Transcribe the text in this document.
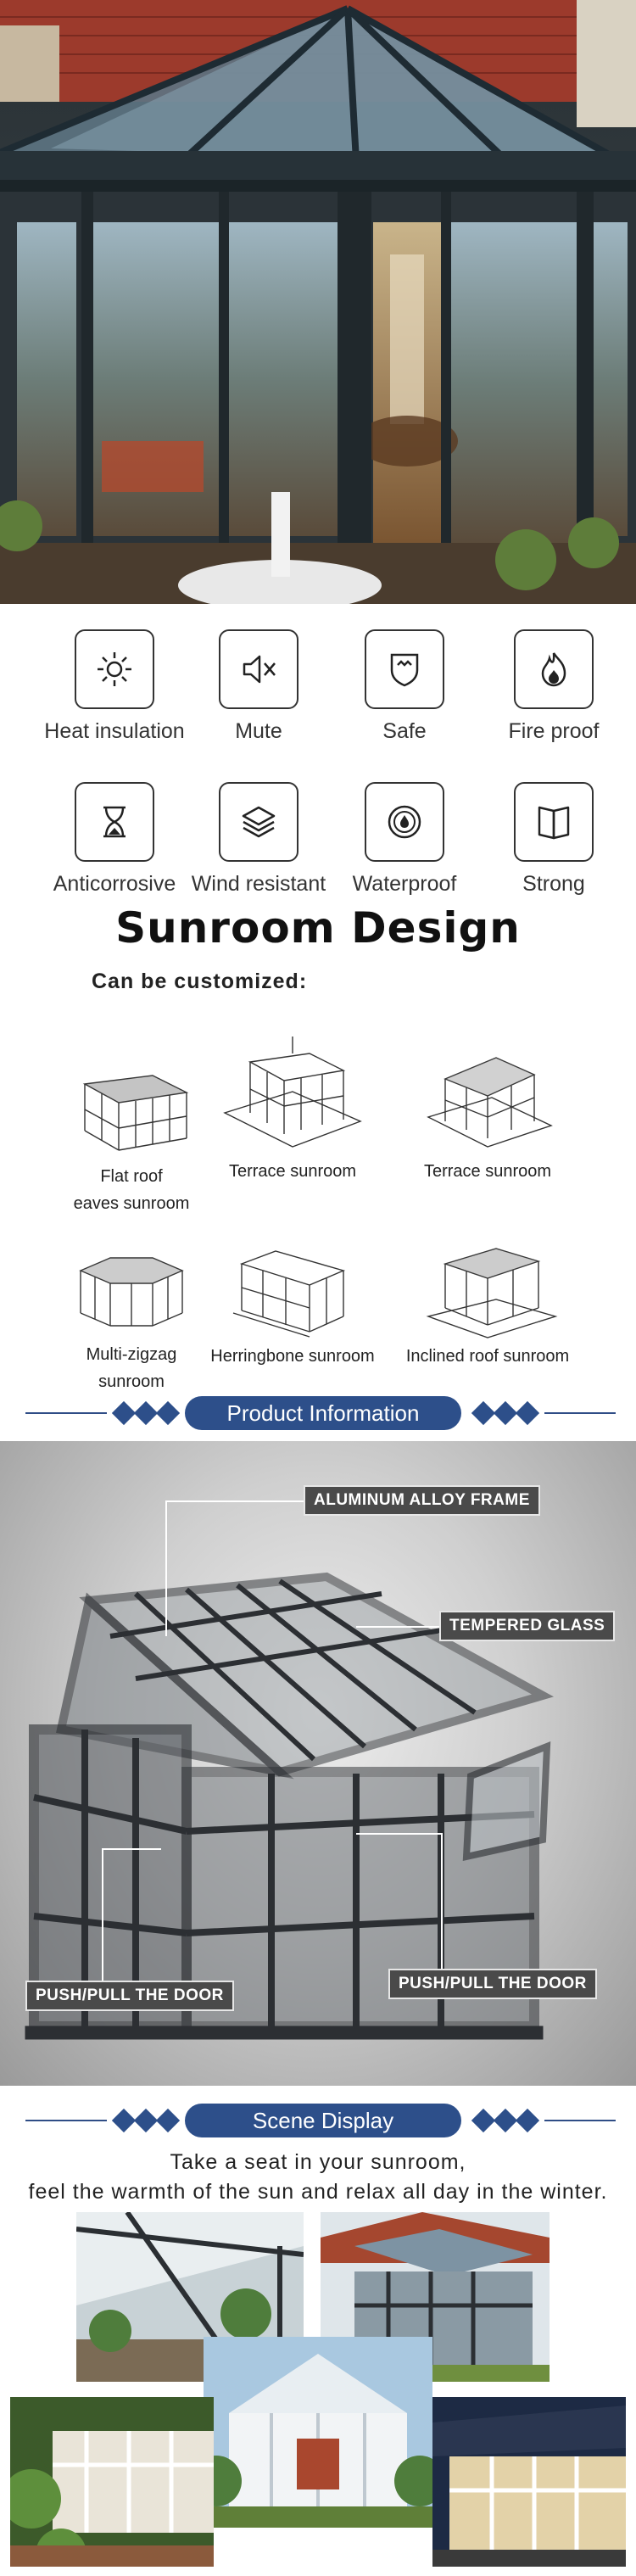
Heat insulation	Mute	Safe	Fire proof
Anticorrosive Wind resistant	Waterproof	Strong
Sunroom Design
Can be customized:
Flat roof
eaves sunroom
Terrace sunroom	Terrace sunroom
Multi-zigzag
sunroom
Herringbone sunroom	Inclined roof sunroom
Product Information
ALUMINUM ALLOY FRAME
TEMPERED GLASS
PUSH/PULL THE DOOR
PUSH/PULL THE DOOR
Scene Display
Take a seat in your sunroom,
feel the warmth of the sun and relax all day in the winter.
